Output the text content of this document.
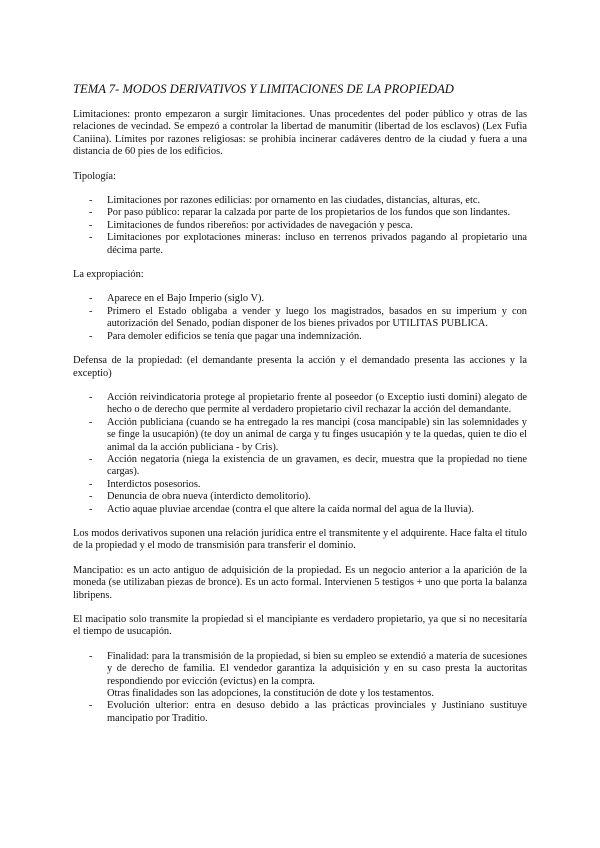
TEMA 7- MODOS DERIVATIVOS Y LIMITACIONES DE LA PROPIEDAD

Limitaciones: pronto empezaron a surgir limitaciones. Unas procedentes del poder público y otras de las relaciones de vecindad. Se empezó a controlar la libertad de manumitir (libertad de los esclavos) (Lex Fufia Caniina). Límites por razones religiosas: se prohibía incinerar cadáveres dentro de la ciudad y fuera a una distancia de 60 pies de los edificios.

Tipología:

- Limitaciones por razones edilicias: por ornamento en las ciudades, distancias, alturas, etc.
- Por paso público: reparar la calzada por parte de los propietarios de los fundos que son lindantes.
- Limitaciones de fundos ribereños: por actividades de navegación y pesca.
- Limitaciones por explotaciones mineras: incluso en terrenos privados pagando al propietario una décima parte.

La expropiación:

- Aparece en el Bajo Imperio (siglo V).
- Primero el Estado obligaba a vender y luego los magistrados, basados en su imperium y con autorización del Senado, podían disponer de los bienes privados por UTILITAS PUBLICA.
- Para demoler edificios se tenía que pagar una indemnización.

Defensa de la propiedad: (el demandante presenta la acción y el demandado presenta las acciones y la exceptio)

- Acción reivindicatoria protege al propietario frente al poseedor (o Exceptio iusti domini) alegato de hecho o de derecho que permite al verdadero propietario civil rechazar la acción del demandante.
- Acción publiciana (cuando se ha entregado la res mancipi (cosa mancipable) sin las solemnidades y se finge la usucapión) (te doy un animal de carga y tu finges usucapión y te la quedas, quien te dio el animal da la acción publiciana - by Cris).
- Acción negatoria (niega la existencia de un gravamen, es decir, muestra que la propiedad no tiene cargas).
- Interdictos posesorios.
- Denuncia de obra nueva (interdicto demolitorio).
- Actio aquae pluviae arcendae (contra el que altere la caída normal del agua de la lluvia).

Los modos derivativos suponen una relación jurídica entre el transmitente y el adquirente. Hace falta el título de la propiedad y el modo de transmisión para transferir el dominio.

Mancipatio: es un acto antiguo de adquisición de la propiedad. Es un negocio anterior a la aparición de la moneda (se utilizaban piezas de bronce). Es un acto formal. Intervienen 5 testigos + uno que porta la balanza libripens.

El macipatio solo transmite la propiedad si el mancipiante es verdadero propietario, ya que si no necesitaría el tiempo de usucapión.

- Finalidad: para la transmisión de la propiedad, si bien su empleo se extendió a materia de sucesiones y de derecho de familia. El vendedor garantiza la adquisición y en su caso presta la auctoritas respondiendo por evicción (evictus) en la compra.
Otras finalidades son las adopciones, la constitución de dote y los testamentos.
- Evolución ulterior: entra en desuso debido a las prácticas provinciales y Justiniano sustituye mancipatio por Traditio.
